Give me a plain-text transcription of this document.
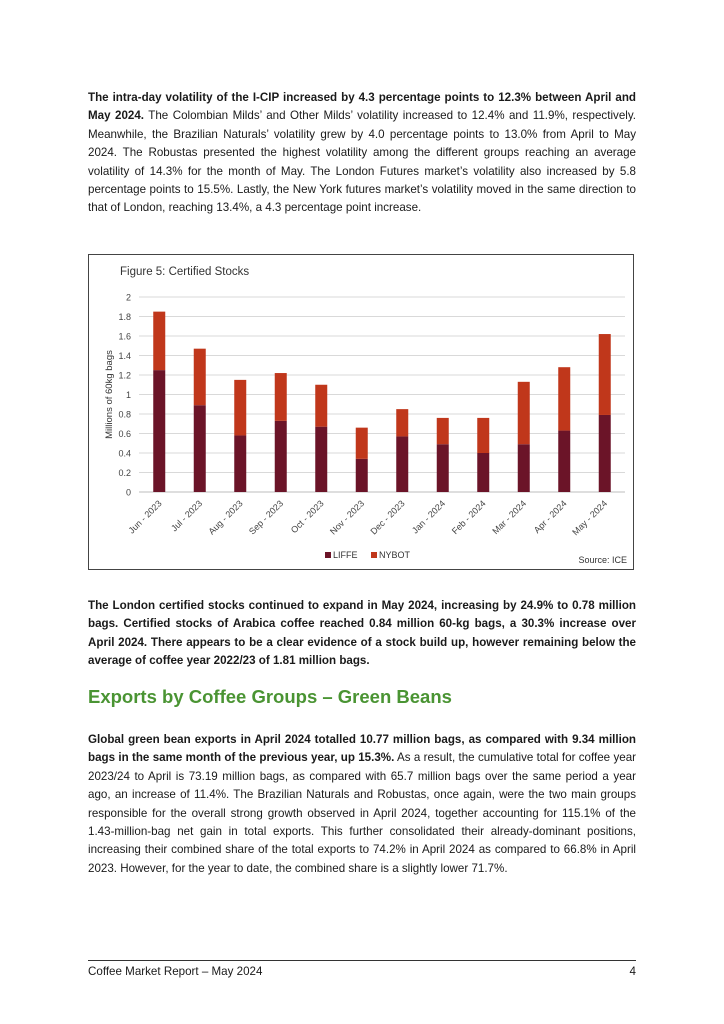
The intra-day volatility of the I-CIP increased by 4.3 percentage points to 12.3% between April and May 2024. The Colombian Milds’ and Other Milds’ volatility increased to 12.4% and 11.9%, respectively. Meanwhile, the Brazilian Naturals’ volatility grew by 4.0 percentage points to 13.0% from April to May 2024. The Robustas presented the highest volatility among the different groups reaching an average volatility of 14.3% for the month of May. The London Futures market’s volatility also increased by 5.8 percentage points to 15.5%. Lastly, the New York futures market’s volatility moved in the same direction to that of London, reaching 13.4%, a 4.3 percentage point increase.

Figure 5: Certified Stocks
0
0.2
0.4
0.6
0.8
1
1.2
1.4
1.6
1.8
2
Millions of 60kg bags
Jun - 2023 Jul - 2023 Aug - 2023 Sep - 2023 Oct - 2023 Nov - 2023 Dec - 2023 Jan - 2024 Feb - 2024 Mar - 2024 Apr - 2024 May - 2024
LIFFE NYBOT	Source: ICE

The London certified stocks continued to expand in May 2024, increasing by 24.9% to 0.78 million bags. Certified stocks of Arabica coffee reached 0.84 million 60-kg bags, a 30.3% increase over April 2024. There appears to be a clear evidence of a stock build up, however remaining below the average of coffee year 2022/23 of 1.81 million bags.

Exports by Coffee Groups – Green Beans

Global green bean exports in April 2024 totalled 10.77 million bags, as compared with 9.34 million bags in the same month of the previous year, up 15.3%. As a result, the cumulative total for coffee year 2023/24 to April is 73.19 million bags, as compared with 65.7 million bags over the same period a year ago, an increase of 11.4%. The Brazilian Naturals and Robustas, once again, were the two main groups responsible for the overall strong growth observed in April 2024, together accounting for 115.1% of the 1.43-million-bag net gain in total exports. This further consolidated their already-dominant positions, increasing their combined share of the total exports to 74.2% in April 2024 as compared to 66.8% in April 2023. However, for the year to date, the combined share is a slightly lower 71.7%.

Coffee Market Report – May 2024	4
